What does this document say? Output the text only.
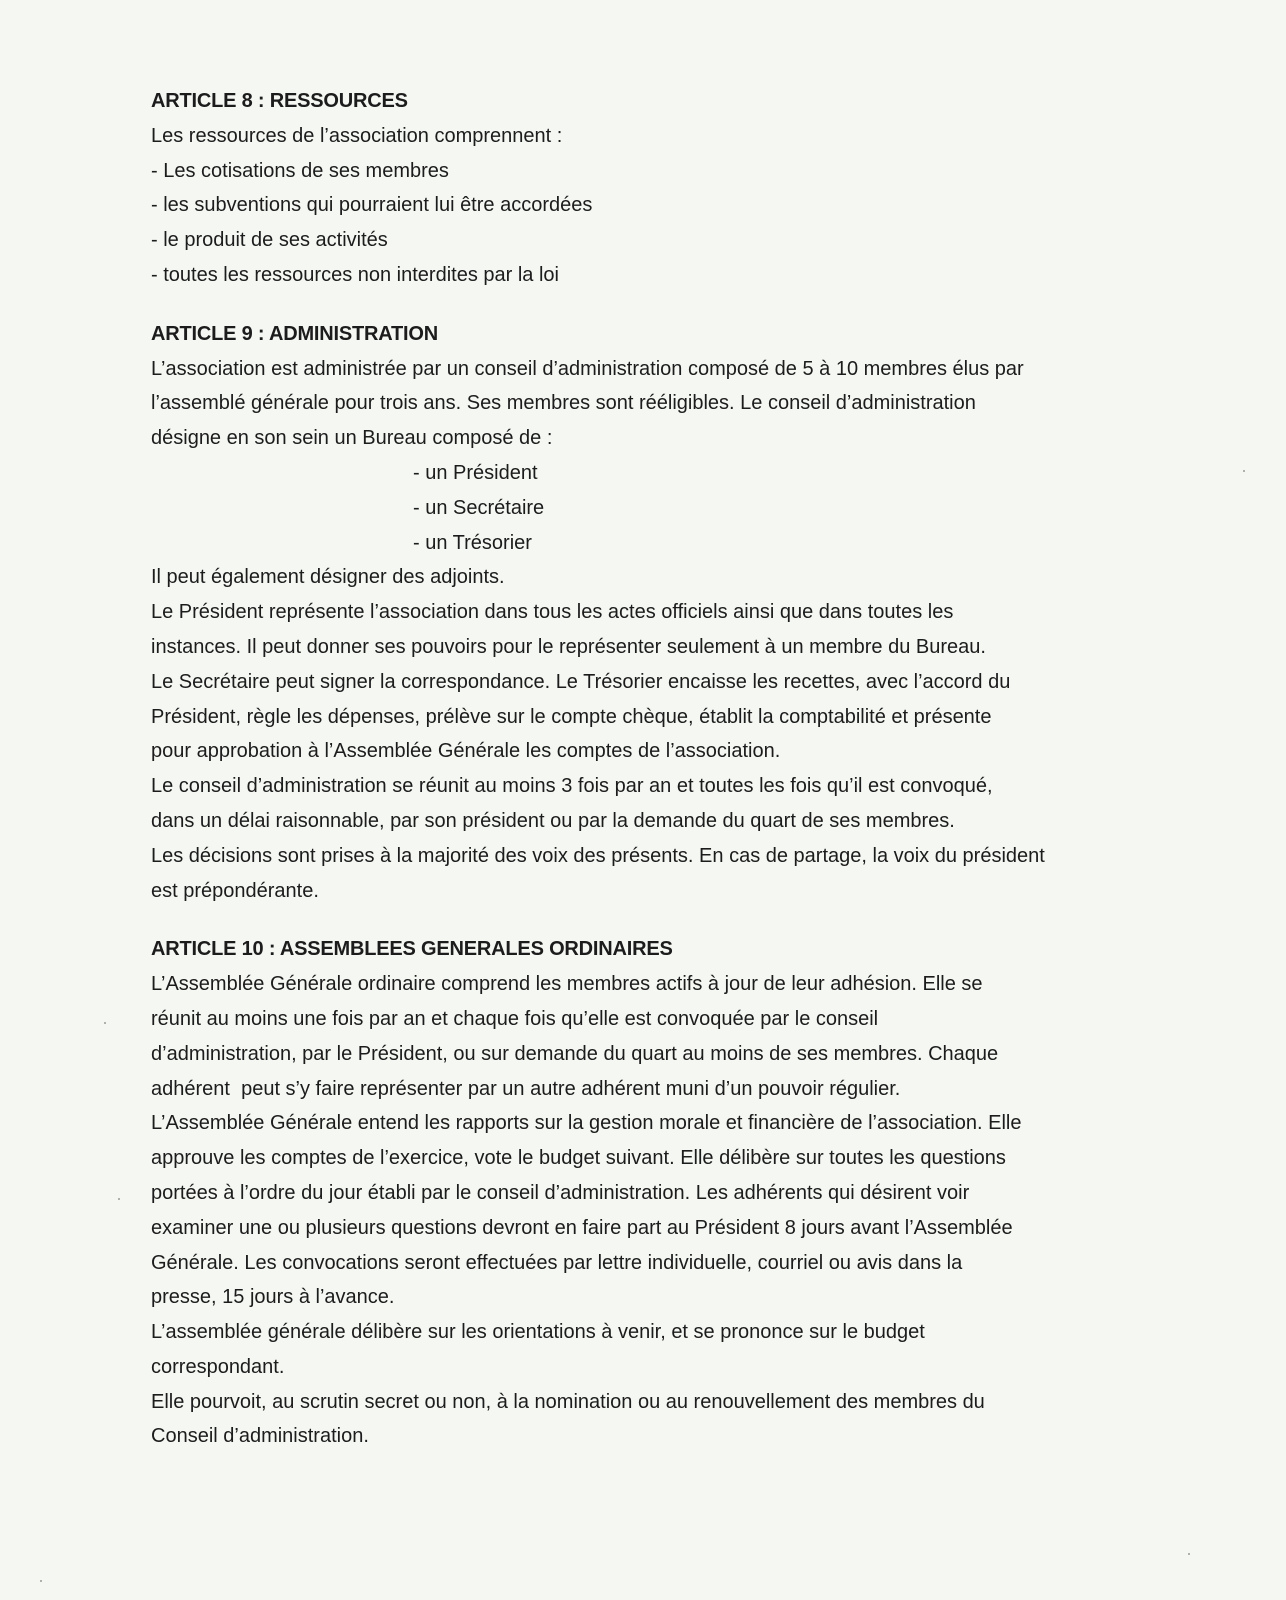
ARTICLE 8 : RESSOURCES

Les ressources de l’association comprennent :

- Les cotisations de ses membres

- les subventions qui pourraient lui être accordées

- le produit de ses activités

- toutes les ressources non interdites par la loi

ARTICLE 9 : ADMINISTRATION

L’association est administrée par un conseil d’administration composé de 5 à 10 membres élus par

l’assemblé générale pour trois ans. Ses membres sont rééligibles. Le conseil d’administration

désigne en son sein un Bureau composé de :

- un Président

- un Secrétaire

- un Trésorier

Il peut également désigner des adjoints.

Le Président représente l’association dans tous les actes officiels ainsi que dans toutes les

instances. Il peut donner ses pouvoirs pour le représenter seulement à un membre du Bureau.

Le Secrétaire peut signer la correspondance. Le Trésorier encaisse les recettes, avec l’accord du

Président, règle les dépenses, prélève sur le compte chèque, établit la comptabilité et présente

pour approbation à l’Assemblée Générale les comptes de l’association.

Le conseil d’administration se réunit au moins 3 fois par an et toutes les fois qu’il est convoqué,

dans un délai raisonnable, par son président ou par la demande du quart de ses membres.

Les décisions sont prises à la majorité des voix des présents. En cas de partage, la voix du président

est prépondérante.

ARTICLE 10 : ASSEMBLEES GENERALES ORDINAIRES

L’Assemblée Générale ordinaire comprend les membres actifs à jour de leur adhésion. Elle se

réunit au moins une fois par an et chaque fois qu’elle est convoquée par le conseil

d’administration, par le Président, ou sur demande du quart au moins de ses membres. Chaque

adhérent  peut s’y faire représenter par un autre adhérent muni d’un pouvoir régulier.

L’Assemblée Générale entend les rapports sur la gestion morale et financière de l’association. Elle

approuve les comptes de l’exercice, vote le budget suivant. Elle délibère sur toutes les questions

portées à l’ordre du jour établi par le conseil d’administration. Les adhérents qui désirent voir

examiner une ou plusieurs questions devront en faire part au Président 8 jours avant l’Assemblée

Générale. Les convocations seront effectuées par lettre individuelle, courriel ou avis dans la

presse, 15 jours à l’avance.

L’assemblée générale délibère sur les orientations à venir, et se prononce sur le budget

correspondant.

Elle pourvoit, au scrutin secret ou non, à la nomination ou au renouvellement des membres du

Conseil d’administration.
